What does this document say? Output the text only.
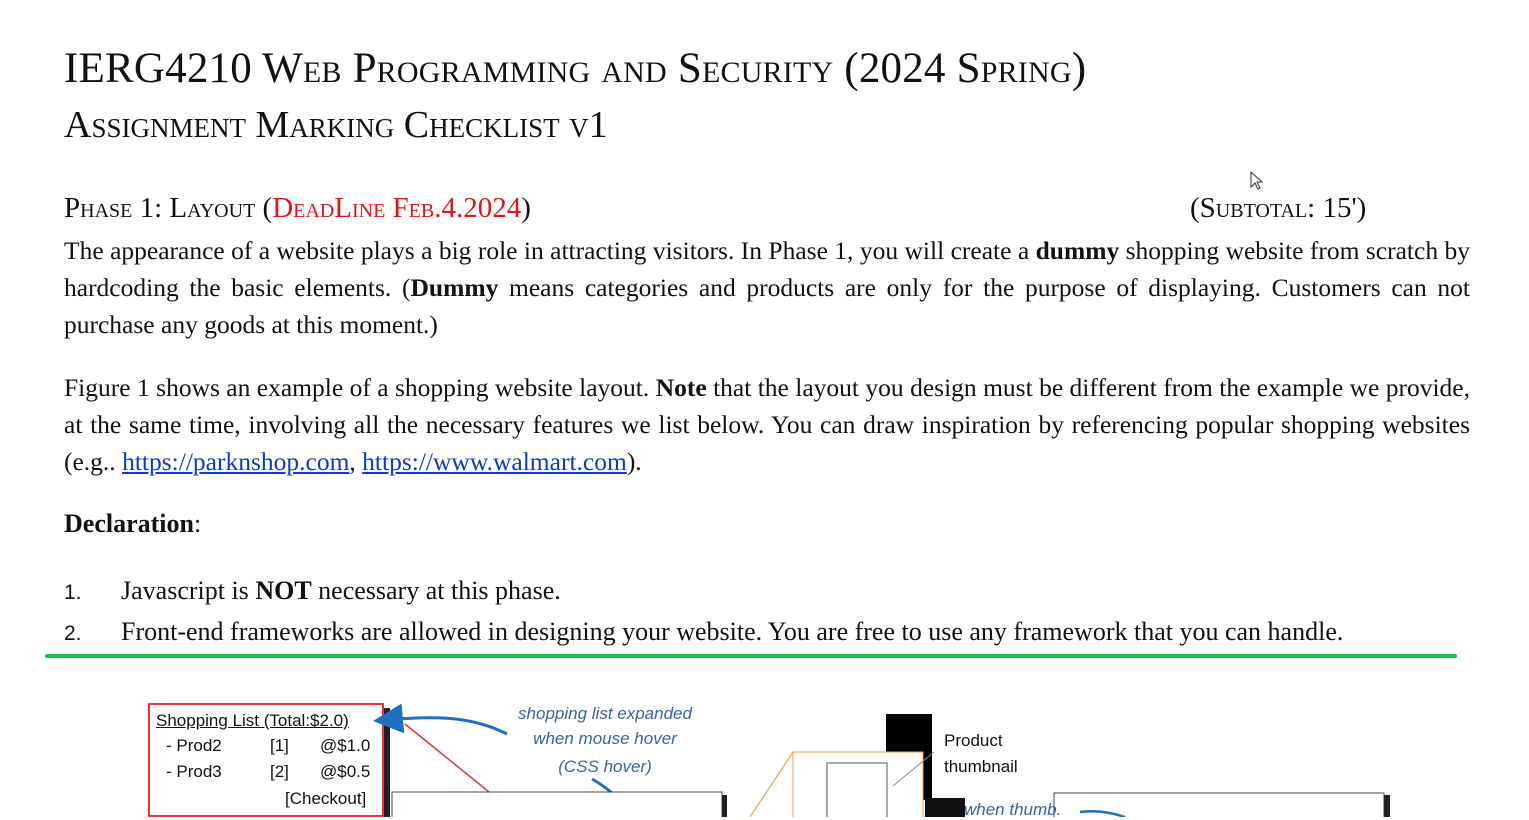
IERG4210 Web Programming and Security (2024 Spring)
Assignment Marking Checklist v1
Phase 1: Layout (DeadLine Feb.4.2024)	(Subtotal: 15')
The appearance of a website plays a big role in attracting visitors. In Phase 1, you will create a dummy shopping website from scratch by hardcoding the basic elements. (Dummy means categories and products are only for the purpose of displaying. Customers can not purchase any goods at this moment.)
Figure 1 shows an example of a shopping website layout. Note that the layout you design must be different from the example we provide, at the same time, involving all the necessary features we list below. You can draw inspiration by referencing popular shopping websites (e.g.. https://parknshop.com, https://www.walmart.com).
Declaration:
1. Javascript is NOT necessary at this phase.
2. Front-end frameworks are allowed in designing your website. You are free to use any framework that you can handle.
Shopping List (Total:$2.0)
- Prod2	[1] @$1.0
- Prod3	[2] @$0.5
[Checkout]
shopping list expanded
when mouse hover
(CSS hover)
Product
thumbnail
when thumb.
